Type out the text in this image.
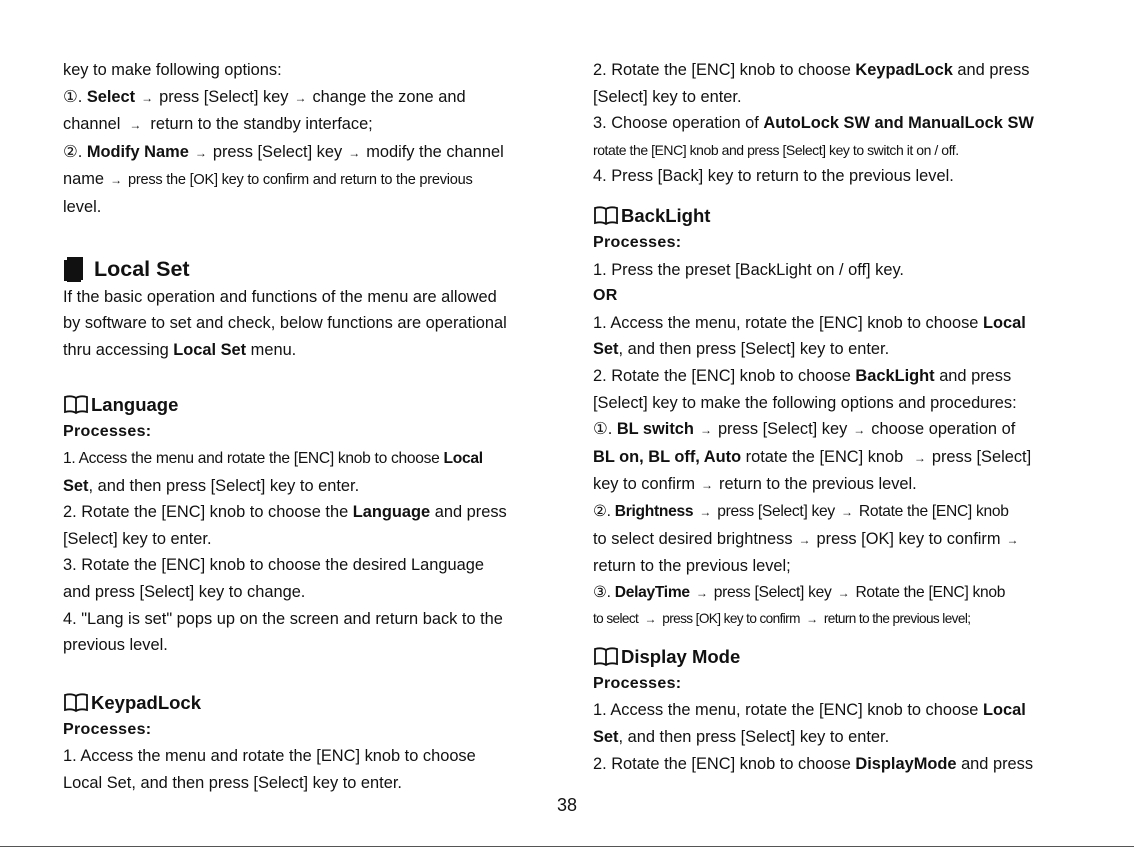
key to make following options:

①. Select → press [Select] key → change the zone and

channel → return to the standby interface;

②. Modify Name → press [Select] key → modify the channel

name → press the [OK] key to confirm and return to the previous

level.

Local Set

If the basic operation and functions of the menu are allowed

by software to set and check, below functions are operational

thru accessing Local Set menu.

Language

Processes:

1. Access the menu and rotate the [ENC] knob to choose Local

Set, and then press [Select] key to enter.

2. Rotate the [ENC] knob to choose the Language and press

[Select] key to enter.

3. Rotate the [ENC] knob to choose the desired Language

and press [Select] key to change.

4. "Lang is set" pops up on the screen and return back to the

previous level.

KeypadLock

Processes:

1. Access the menu and rotate the [ENC] knob to choose

Local Set, and then press [Select] key to enter.

2. Rotate the [ENC] knob to choose KeypadLock and press

[Select] key to enter.

3. Choose operation of AutoLock SW and ManualLock SW

rotate the [ENC] knob and press [Select] key to switch it on / off.

4. Press [Back] key to return to the previous level.

BackLight

Processes:

1. Press the preset [BackLight on / off] key.

OR

1. Access the menu, rotate the [ENC] knob to choose Local

Set, and then press [Select] key to enter.

2. Rotate the [ENC] knob to choose BackLight and press

[Select] key to make the following options and procedures:

①. BL switch → press [Select] key → choose operation of

BL on, BL off, Auto rotate the [ENC] knob → press [Select]

key to confirm → return to the previous level.

②. Brightness → press [Select] key → Rotate the [ENC] knob

to select desired brightness → press [OK] key to confirm →

return to the previous level;

③. DelayTime → press [Select] key → Rotate the [ENC] knob

to select → press [OK] key to confirm → return to the previous level;

Display Mode

Processes:

1. Access the menu, rotate the [ENC] knob to choose Local

Set, and then press [Select] key to enter.

2. Rotate the [ENC] knob to choose DisplayMode and press

38
